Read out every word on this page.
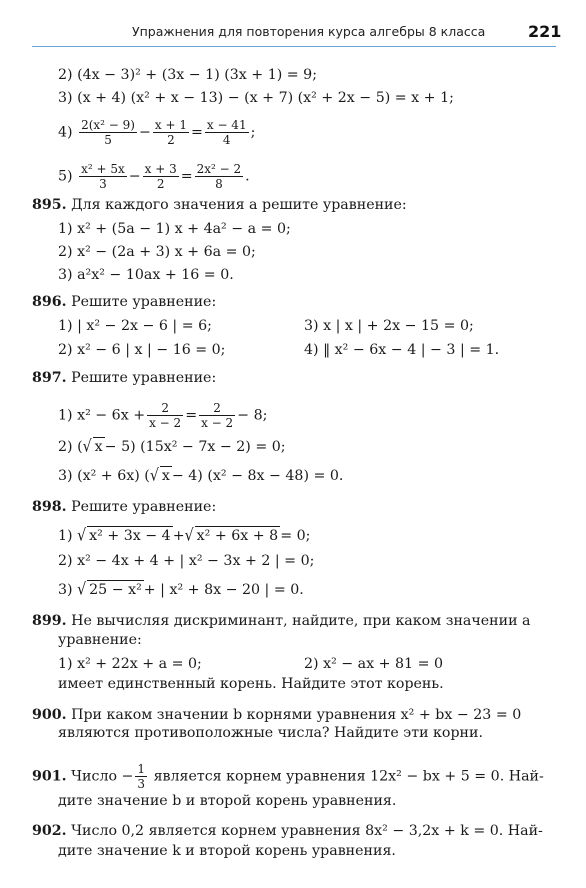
Упражнения для повторения курса алгебры 8 класса	221
2) (4x − 3)² + (3x − 1) (3x + 1) = 9;
3) (x + 4) (x² + x − 13) − (x + 7) (x² + 2x − 5) = x + 1;
$4) \frac{\text{2(x² − 9)}}{5} - \frac{x + 1}{2} = \frac{x - 41}{4}$ ;
$5) \frac{\text{x² + 5x}}{3} - \frac{x + 3}{2} = \frac{\text{2x² − 2}}{8}$ .
895. Для каждого значения a решите уравнение:
1) x² + (5a − 1) x + 4a² − a = 0;
2) x² − (2a + 3) x + 6a = 0;
3) a²x² − 10ax + 16 = 0.
896. Решите уравнение:
1) | x² − 2x − 6 | = 6;	3) x | x | + 2x − 15 = 0;
2) x² − 6 | x | − 16 = 0;	4) ‖ x² − 6x − 4 | − 3 | = 1.
897. Решите уравнение:
1) $x^2 - 6x + \frac{2}{x - 2} = \frac{2}{x - 2} - 8$;
2) (√ x − 5) (15x² − 7x − 2) = 0;
3) (x² + 6x) (√ x − 4) (x² − 8x − 48) = 0.
898. Решите уравнение:
1) √ x² + 3x − 4 +√ x² + 6x + 8 = 0;
2) x² − 4x + 4 + | x² − 3x + 2 | = 0;
3) √ 25 − x² + | x² + 8x − 20 | = 0.
899. Не вычисляя дискриминант, найдите, при каком значении a
уравнение:
1) x² + 22x + a = 0;	2) x² − ax + 81 = 0
имеет единственный корень. Найдите этот корень.
900. При каком значении b корнями уравнения x² + bx − 23 = 0
являются противоположные числа? Найдите эти корни.
901. Число − $\frac{1}{3}$ является корнем уравнения 12x² − bx + 5 = 0. Най-
дите значение b и второй корень уравнения.
902. Число 0,2 является корнем уравнения 8x² − 3,2x + k = 0. Най-
дите значение k и второй корень уравнения.
